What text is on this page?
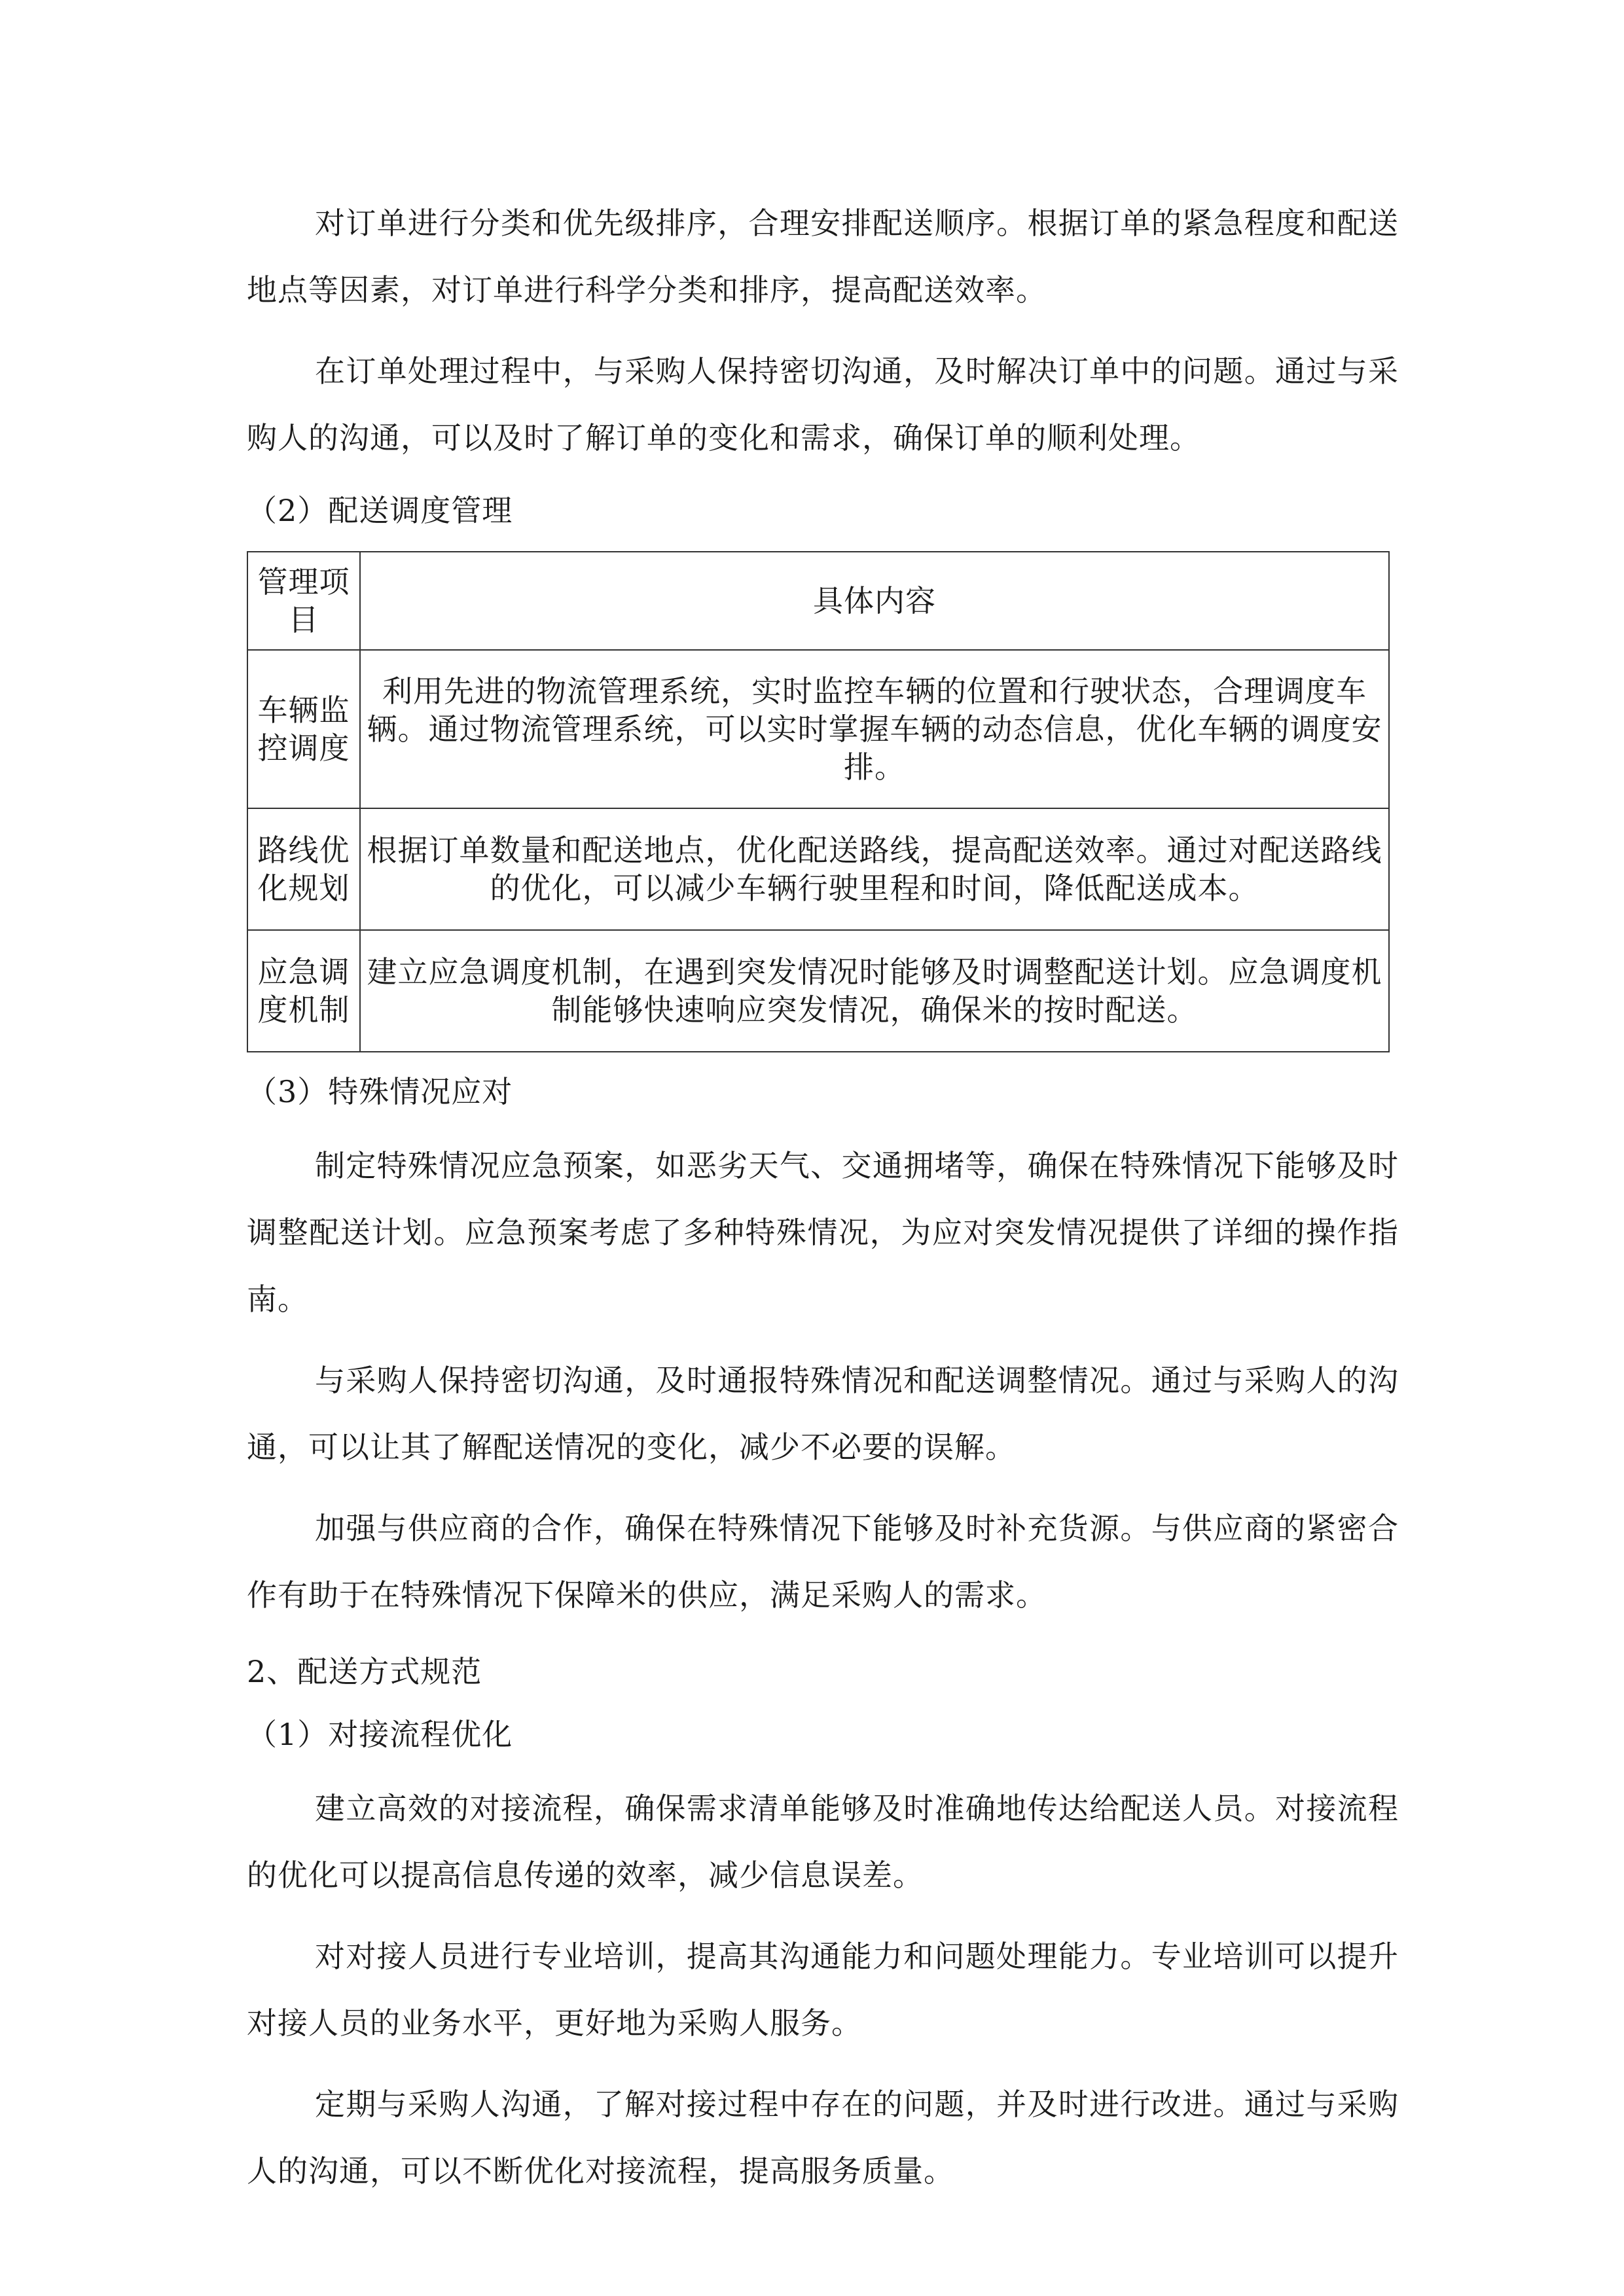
对订单进行分类和优先级排序，合理安排配送顺序。根据订单的紧急程度和配送地点等因素，对订单进行科学分类和排序，提高配送效率。

在订单处理过程中，与采购人保持密切沟通，及时解决订单中的问题。通过与采购人的沟通，可以及时了解订单的变化和需求，确保订单的顺利处理。

（2）配送调度管理
管理项目	具体内容
车辆监控调度	利用先进的物流管理系统，实时监控车辆的位置和行驶状态，合理调度车辆。通过物流管理系统，可以实时掌握车辆的动态信息，优化车辆的调度安排。
路线优化规划	根据订单数量和配送地点，优化配送路线，提高配送效率。通过对配送路线的优化，可以减少车辆行驶里程和时间，降低配送成本。
应急调度机制	建立应急调度机制，在遇到突发情况时能够及时调整配送计划。应急调度机制能够快速响应突发情况，确保米的按时配送。
（3）特殊情况应对

制定特殊情况应急预案，如恶劣天气、交通拥堵等，确保在特殊情况下能够及时调整配送计划。应急预案考虑了多种特殊情况，为应对突发情况提供了详细的操作指南。

与采购人保持密切沟通，及时通报特殊情况和配送调整情况。通过与采购人的沟通，可以让其了解配送情况的变化，减少不必要的误解。

加强与供应商的合作，确保在特殊情况下能够及时补充货源。与供应商的紧密合作有助于在特殊情况下保障米的供应，满足采购人的需求。

2、配送方式规范
（1）对接流程优化

建立高效的对接流程，确保需求清单能够及时准确地传达给配送人员。对接流程的优化可以提高信息传递的效率，减少信息误差。

对对接人员进行专业培训，提高其沟通能力和问题处理能力。专业培训可以提升对接人员的业务水平，更好地为采购人服务。

定期与采购人沟通，了解对接过程中存在的问题，并及时进行改进。通过与采购人的沟通，可以不断优化对接流程，提高服务质量。
